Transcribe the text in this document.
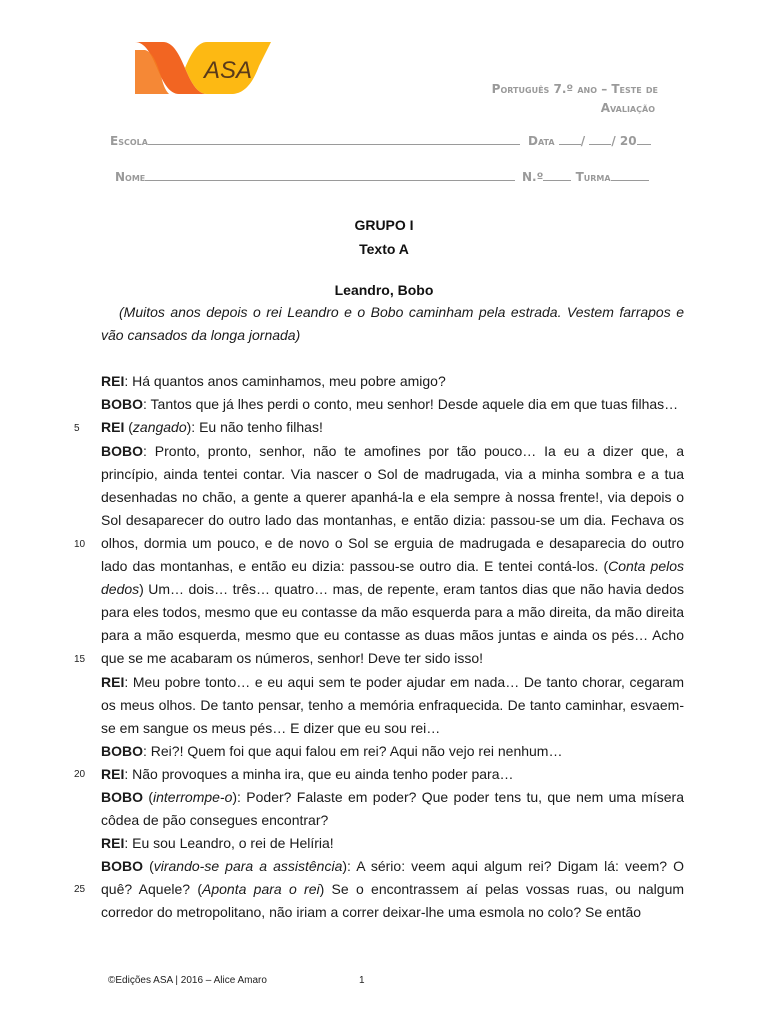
ASA
Português 7.º ano – Teste de
Avaliação
Escola	Data / / 20
Nome	N.º	Turma
GRUPO I
Texto A
Leandro, Bobo

(Muitos anos depois o rei Leandro e o Bobo caminham pela estrada. Vestem farrapos e vão cansados da longa jornada)

REI: Há quantos anos caminhamos, meu pobre amigo?

BOBO: Tantos que já lhes perdi o conto, meu senhor! Desde aquele dia em que tuas filhas…

REI (zangado): Eu não tenho filhas!

BOBO: Pronto, pronto, senhor, não te amofines por tão pouco… Ia eu a dizer que, a princípio, ainda tentei contar. Via nascer o Sol de madrugada, via a minha sombra e a tua desenhadas no chão, a gente a querer apanhá-la e ela sempre à nossa frente!, via depois o Sol desaparecer do outro lado das montanhas, e então dizia: passou-se um dia. Fechava os olhos, dormia um pouco, e de novo o Sol se erguia de madrugada e desaparecia do outro lado das montanhas, e então eu dizia: passou-se outro dia. E tentei contá-los. (Conta pelos dedos) Um… dois… três… quatro… mas, de repente, eram tantos dias que não havia dedos para eles todos, mesmo que eu contasse da mão esquerda para a mão direita, da mão direita para a mão esquerda, mesmo que eu contasse as duas mãos juntas e ainda os pés… Acho que se me acabaram os números, senhor! Deve ter sido isso!

REI: Meu pobre tonto… e eu aqui sem te poder ajudar em nada… De tanto chorar, cegaram os meus olhos. De tanto pensar, tenho a memória enfraquecida. De tanto caminhar, esvaem-se em sangue os meus pés… E dizer que eu sou rei…

BOBO: Rei?! Quem foi que aqui falou em rei? Aqui não vejo rei nenhum…

REI: Não provoques a minha ira, que eu ainda tenho poder para…

BOBO (interrompe-o): Poder? Falaste em poder? Que poder tens tu, que nem uma mísera côdea de pão consegues encontrar?

REI: Eu sou Leandro, o rei de Helíria!

BOBO (virando-se para a assistência): A sério: veem aqui algum rei? Digam lá: veem? O quê? Aquele? (Aponta para o rei) Se o encontrassem aí pelas vossas ruas, ou nalgum corredor do metropolitano, não iriam a correr deixar-lhe uma esmola no colo? Se então

5
10
15
20
25
©Edições ASA | 2016 – Alice Amaro	1
